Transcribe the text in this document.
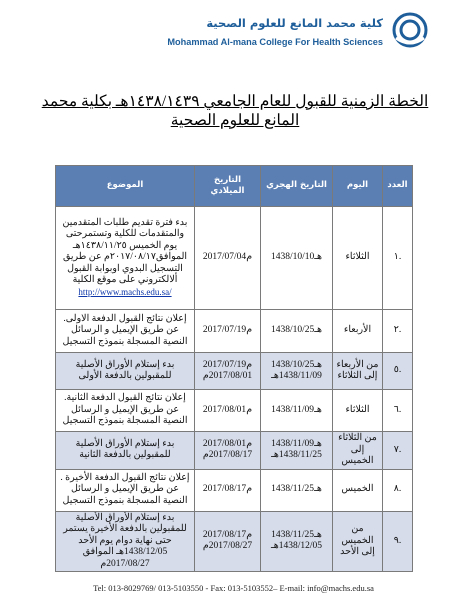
كلية محمد المانع للعلوم الصحية
Mohammad Al-mana College For Health Sciences
الخطة الزمنية للقبول للعام الجامعي ١٤٣٨/١٤٣٩هـ بكلية محمد المانع للعلوم الصحية
العدد	اليوم	التاريخ الهجري	التاريخ الميلادي	الموضوع
.١	الثلاثاء	1438/10/10هـ	2017/07/04م	بدء فترة تقديم طلبات المتقدمين والمتقدمات للكلية وتستمرحتى يوم الخميس ١٤٣٨/١١/٢٥هـ الموافق٢٠١٧/٠٨/١٧م عن طريق التسجيل البدوي اوبوابة القبول ألالكتروني على موقع الكلية
http://www.machs.edu.sa/

.٢	الأربعاء	1438/10/25هـ	2017/07/19م	إعلان نتائج القبول الدفعة الاولى. عن طريق الإيميل و الرسائل النصية المسجلة بنموذج التسجيل
.٥	من الأربعاء إلى الثلاثاء	1438/10/25هـ 1438/11/09هـ	2017/07/19م 2017/08/01م	بدء إستلام الأوراق الأصلية للمقبولين بالدفعة الأولى
.٦	الثلاثاء	1438/11/09هـ	2017/08/01م	إعلان نتائج القبول الدفعة الثانية. عن طريق الإيميل و الرسائل النصية المسجلة بنموذج التسجيل
.٧	من الثلاثاء إلى الخميس	1438/11/09هـ 1438/11/25هـ	2017/08/01م 2017/08/17م	بدء إستلام الأوراق الأصلية للمقبولين بالدفعة الثانية
.٨	الخميس	1438/11/25هـ	2017/08/17م	إعلان نتائج القبول الدفعة الأخيرة . عن طريق الإيميل و الرسائل النصية المسجلة بنموذج التسجيل
.٩	من الخميس إلى الأحد	1438/11/25هـ 1438/12/05هـ	2017/08/17م 2017/08/27م	بدء إستلام الأوراق الأصلية للمقبولين بالدفعة الأخيرة يستمر حتى نهاية دوام يوم الأحد 1438/12/05هـ الموافق 2017/08/27م
Tel: 013-8029769/ 013-5103550 - Fax: 013-5103552– E-mail: info@machs.edu.sa
